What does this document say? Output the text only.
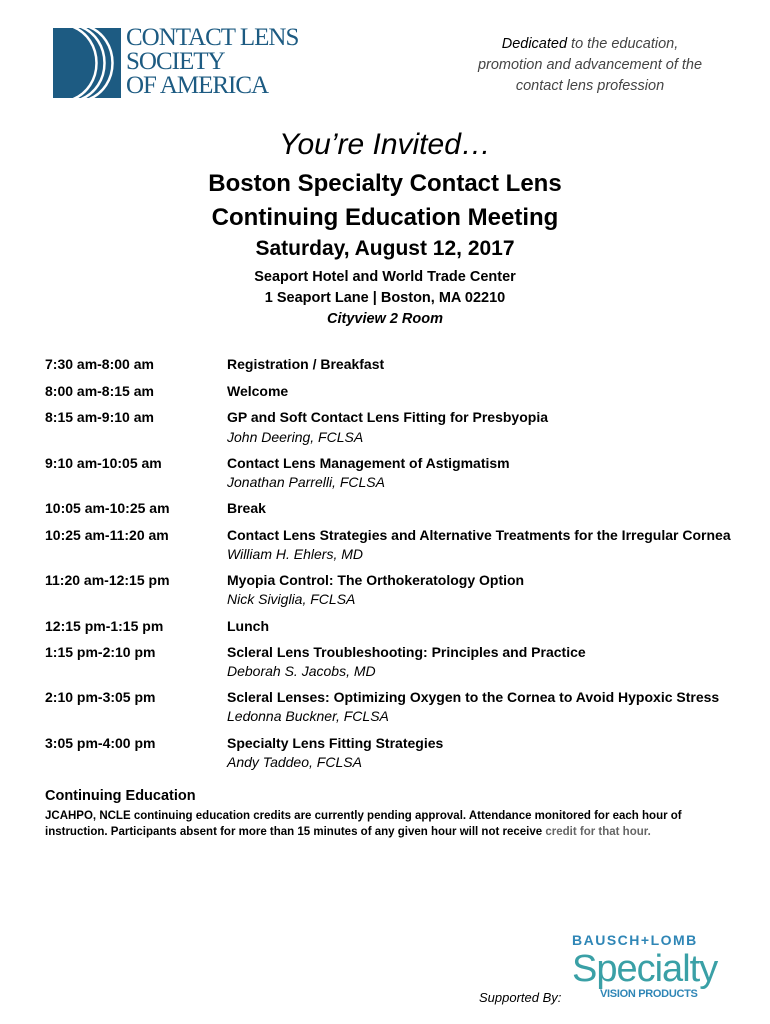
CONTACT LENS
SOCIETY
OF AMERICA
Dedicated to the education,
promotion and advancement of the
contact lens profession
You’re Invited…
Boston Specialty Contact Lens
Continuing Education Meeting
Saturday, August 12, 2017
Seaport Hotel and World Trade Center
1 Seaport Lane | Boston, MA 02210
Cityview 2 Room
7:30 am-8:00 am	Registration / Breakfast
8:00 am-8:15 am	Welcome
8:15 am-9:10 am	GP and Soft Contact Lens Fitting for Presbyopia
John Deering, FCLSA
9:10 am-10:05 am	Contact Lens Management of Astigmatism
Jonathan Parrelli, FCLSA
10:05 am-10:25 am	Break
10:25 am-11:20 am	Contact Lens Strategies and Alternative Treatments for the Irregular Cornea
William H. Ehlers, MD
11:20 am-12:15 pm	Myopia Control: The Orthokeratology Option
Nick Siviglia, FCLSA
12:15 pm-1:15 pm	Lunch
1:15 pm-2:10 pm	Scleral Lens Troubleshooting: Principles and Practice
Deborah S. Jacobs, MD
2:10 pm-3:05 pm	Scleral Lenses: Optimizing Oxygen to the Cornea to Avoid Hypoxic Stress
Ledonna Buckner, FCLSA
3:05 pm-4:00 pm	Specialty Lens Fitting Strategies
Andy Taddeo, FCLSA
Continuing Education
JCAHPO, NCLE continuing education credits are currently pending approval. Attendance monitored for each hour of
instruction. Participants absent for more than 15 minutes of any given hour will not receive credit for that hour.
Supported By:
BAUSCH+LOMB
Specialty
VISION PRODUCTS
